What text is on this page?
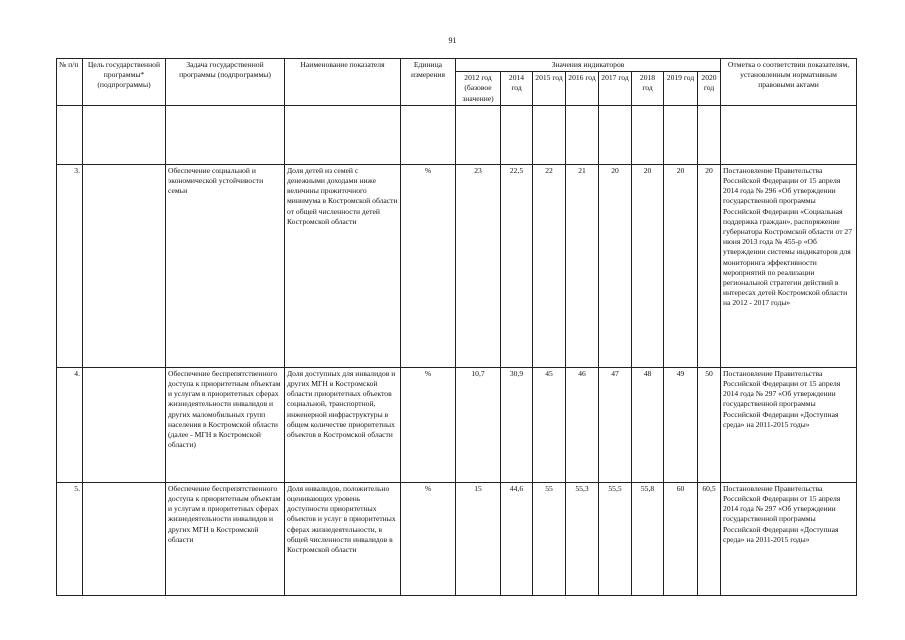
91
№ п/п	Цель государственной программы* (подпрограммы)	Задача государственной программы (подпрограммы)	Наименование показателя	Единица измерения	Значения индикаторов								Отметка о соответствии показателям, установленным нормативным правовыми актами
					2012 год (базовое значение)	2014 год	2015 год	2016 год	2017 год	2018 год	2019 год	2020 год	

3.		Обеспечение социальной и экономической устойчивости семьи	Доля детей из семей с денежными доходами ниже величины прожиточного минимума в Костромской области от общей численности детей Костромской области	%	23	22,5	22	21	20	20	20	20	Постановление Правительства Российской Федерации от 15 апреля 2014 года № 296 «Об утверждении государственной программы Российской Федерации «Социальная поддержка граждан», распоряжение губернатора Костромской области от 27 июня 2013 года № 455-р «Об утверждении системы индикаторов для мониторинга эффективности мероприятий по реализации региональной стратегии действий в интересах детей Костромской области на 2012 - 2017 годы»
4.		Обеспечение беспрепятственного доступа к приоритетным объектам и услугам в приоритетных сферах жизнедеятельности инвалидов и других маломобильных групп населения в Костромской области (далее - МГН в Костромской области)	Доля доступных для инвалидов и других МГН в Костромской области приоритетных объектов социальной, транспортной, инженерной инфраструктуры в общем количестве приоритетных объектов в Костромской области	%	10,7	30,9	45	46	47	48	49	50	Постановление Правительства Российской Федерации от 15 апреля 2014 года № 297 «Об утверждении государственной программы Российской Федерации «Доступная среда» на 2011-2015 годы»
5.		Обеспечение беспрепятственного доступа к приоритетным объектам и услугам в приоритетных сферах жизнедеятельности инвалидов и других МГН в Костромской области	Доля инвалидов, положительно оценивающих уровень доступности приоритетных объектов и услуг в приоритетных сферах жизнедеятельности, в общей численности инвалидов в Костромской области	%	15	44,6	55	55,3	55,5	55,8	60	60,5	Постановление Правительства Российской Федерации от 15 апреля 2014 года № 297 «Об утверждении государственной программы Российской Федерации «Доступная среда» на 2011-2015 годы»
